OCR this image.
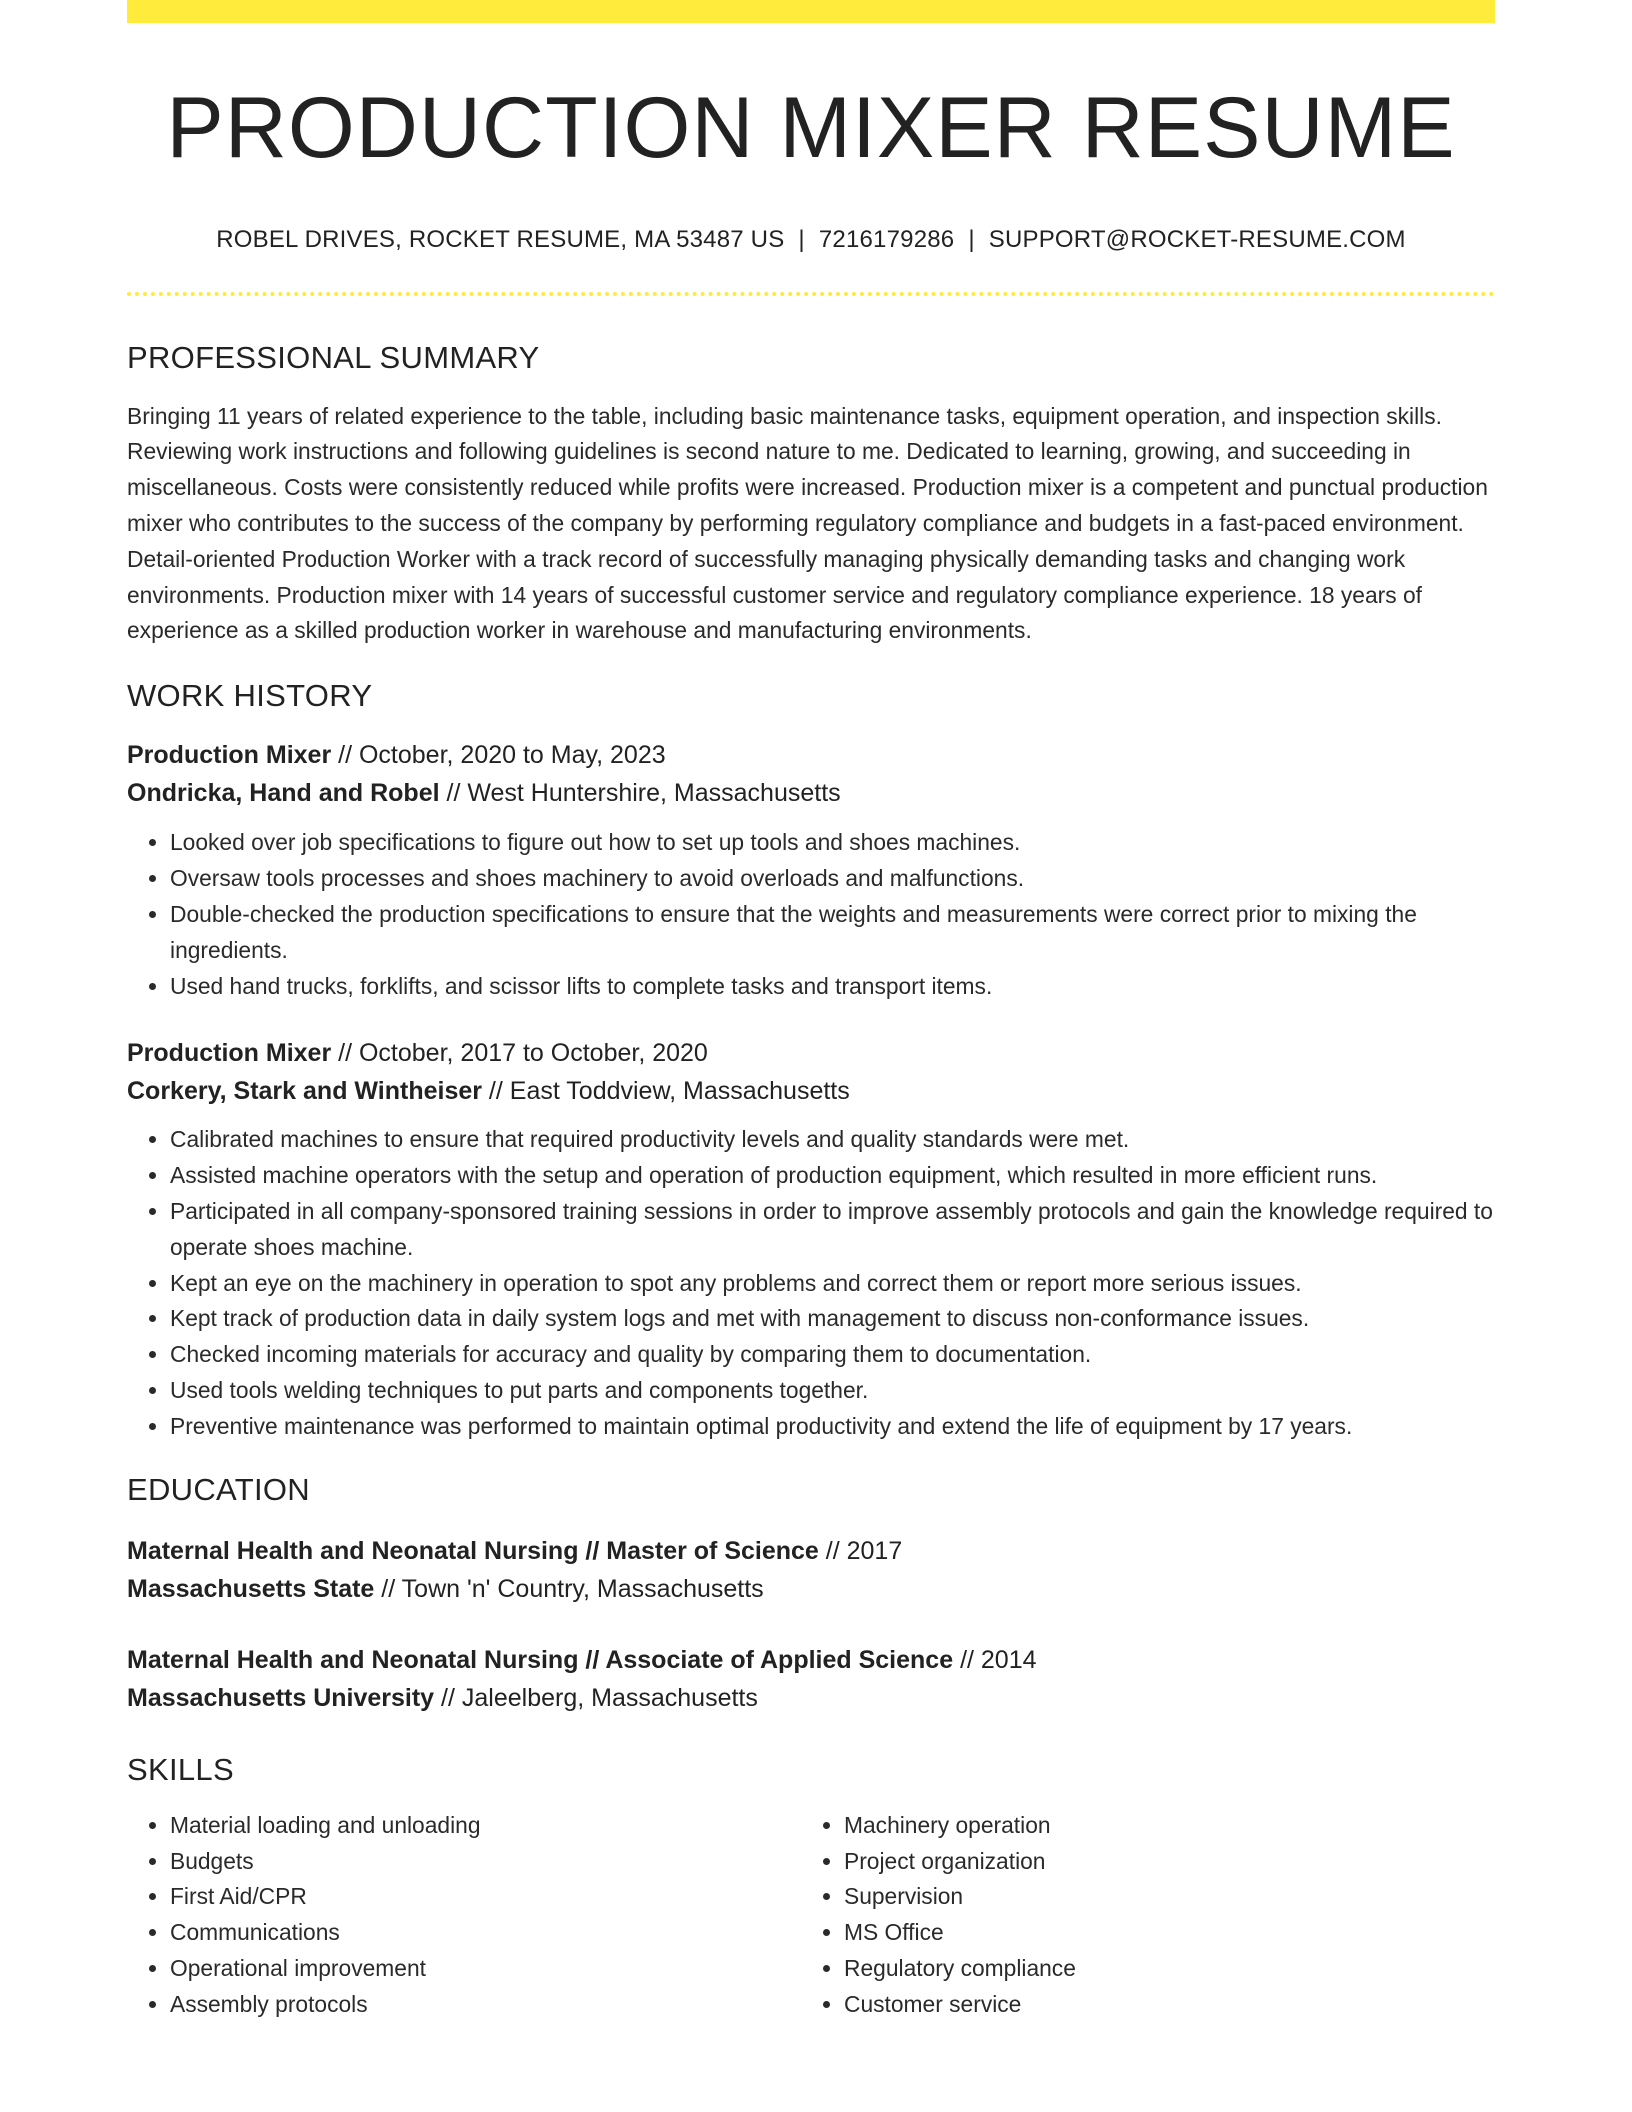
PRODUCTION MIXER RESUME
ROBEL DRIVES, ROCKET RESUME, MA 53487 US | 7216179286 | SUPPORT@ROCKET-RESUME.COM
PROFESSIONAL SUMMARY

Bringing 11 years of related experience to the table, including basic maintenance tasks, equipment operation, and inspection skills. Reviewing work instructions and following guidelines is second nature to me. Dedicated to learning, growing, and succeeding in miscellaneous. Costs were consistently reduced while profits were increased. Production mixer is a competent and punctual production mixer who contributes to the success of the company by performing regulatory compliance and budgets in a fast-paced environment. Detail-oriented Production Worker with a track record of successfully managing physically demanding tasks and changing work environments. Production mixer with 14 years of successful customer service and regulatory compliance experience. 18 years of experience as a skilled production worker in warehouse and manufacturing environments.

WORK HISTORY
Production Mixer // October, 2020 to May, 2023
Ondricka, Hand and Robel // West Huntershire, Massachusetts
• Looked over job specifications to figure out how to set up tools and shoes machines.
• Oversaw tools processes and shoes machinery to avoid overloads and malfunctions.
• Double-checked the production specifications to ensure that the weights and measurements were correct prior to mixing the ingredients.
• Used hand trucks, forklifts, and scissor lifts to complete tasks and transport items.
Production Mixer // October, 2017 to October, 2020
Corkery, Stark and Wintheiser // East Toddview, Massachusetts
• Calibrated machines to ensure that required productivity levels and quality standards were met.
• Assisted machine operators with the setup and operation of production equipment, which resulted in more efficient runs.
• Participated in all company-sponsored training sessions in order to improve assembly protocols and gain the knowledge required to operate shoes machine.
• Kept an eye on the machinery in operation to spot any problems and correct them or report more serious issues.
• Kept track of production data in daily system logs and met with management to discuss non-conformance issues.
• Checked incoming materials for accuracy and quality by comparing them to documentation.
• Used tools welding techniques to put parts and components together.
• Preventive maintenance was performed to maintain optimal productivity and extend the life of equipment by 17 years.
EDUCATION
Maternal Health and Neonatal Nursing // Master of Science // 2017
Massachusetts State // Town 'n' Country, Massachusetts
Maternal Health and Neonatal Nursing // Associate of Applied Science // 2014
Massachusetts University // Jaleelberg, Massachusetts
SKILLS
• Material loading and unloading
• Budgets
• First Aid/CPR
• Communications
• Operational improvement
• Assembly protocols
• Machinery operation
• Project organization
• Supervision
• MS Office
• Regulatory compliance
• Customer service
